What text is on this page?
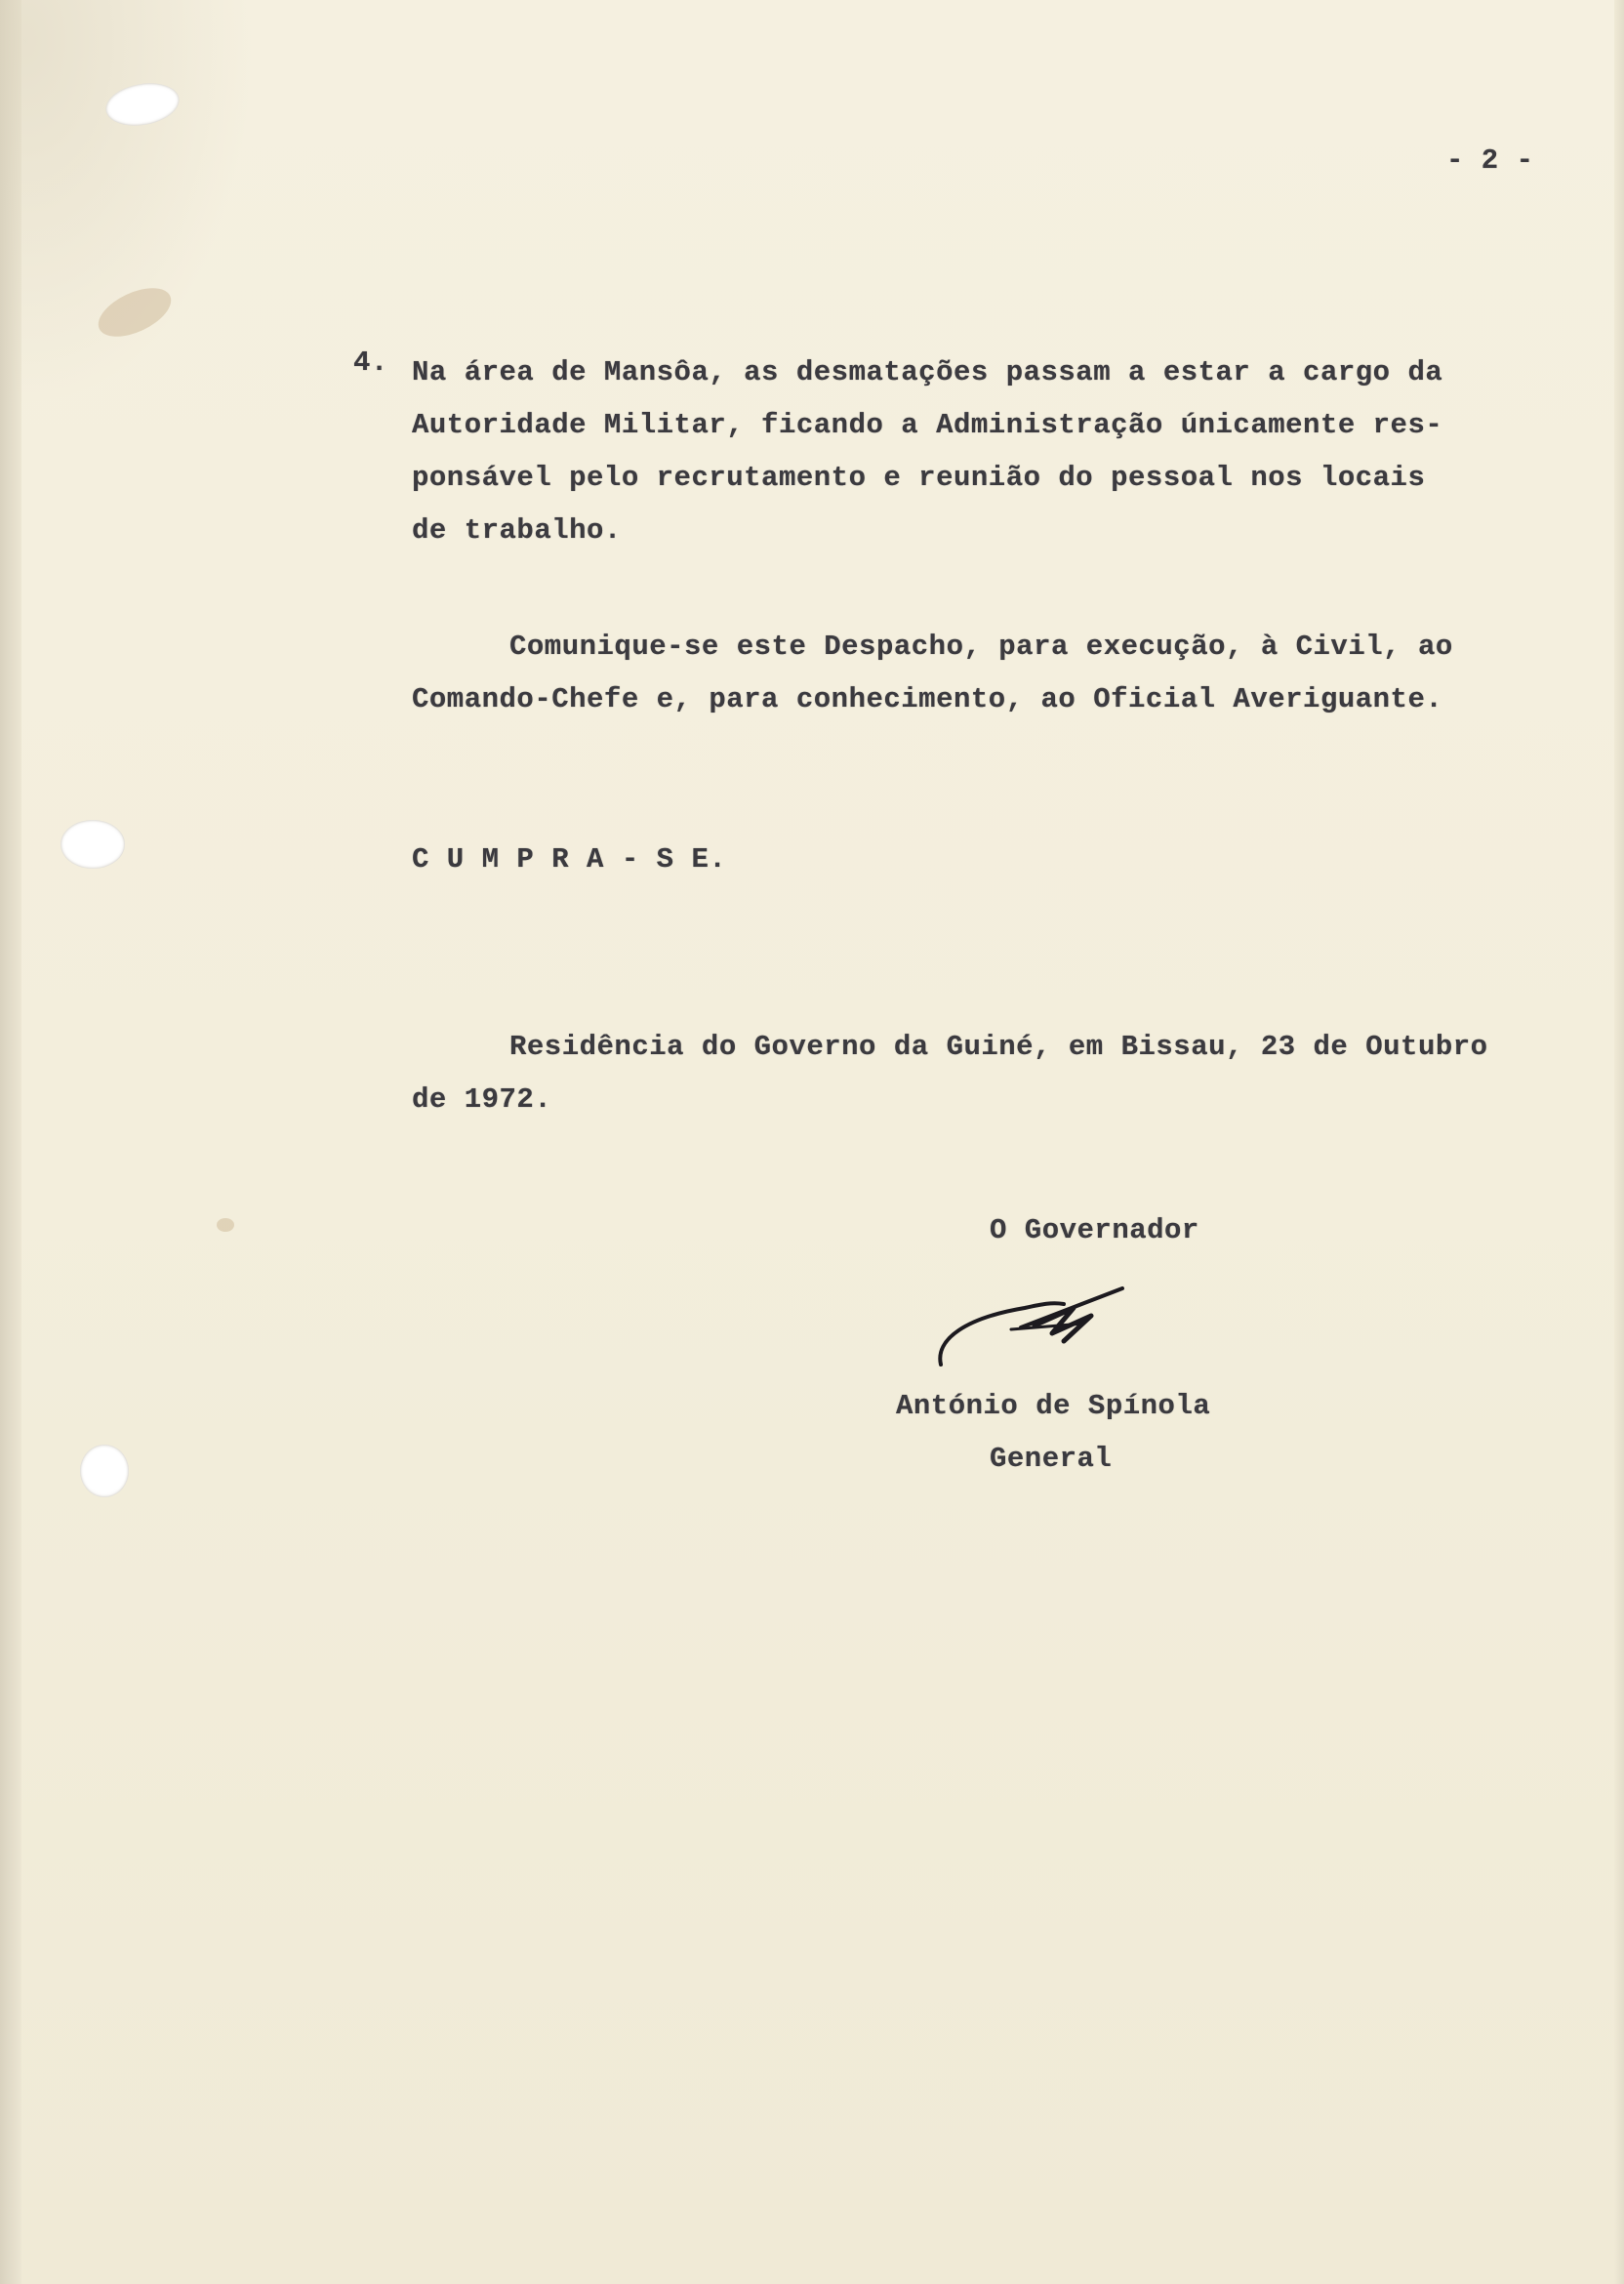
- 2 -

4. Na área de Mansôa, as desmatações passam a estar a cargo da

Autoridade Militar, ficando a Administração únicamente res-

ponsável pelo recrutamento e reunião do pessoal nos locais

de trabalho.

Comunique-se este Despacho, para execução, à Civil, ao

Comando-Chefe e, para conhecimento, ao Oficial Averiguante.

C U M P R A - S E.

Residência do Governo da Guiné, em Bissau, 23 de Outubro

de 1972.

O Governador

António de Spínola

General
